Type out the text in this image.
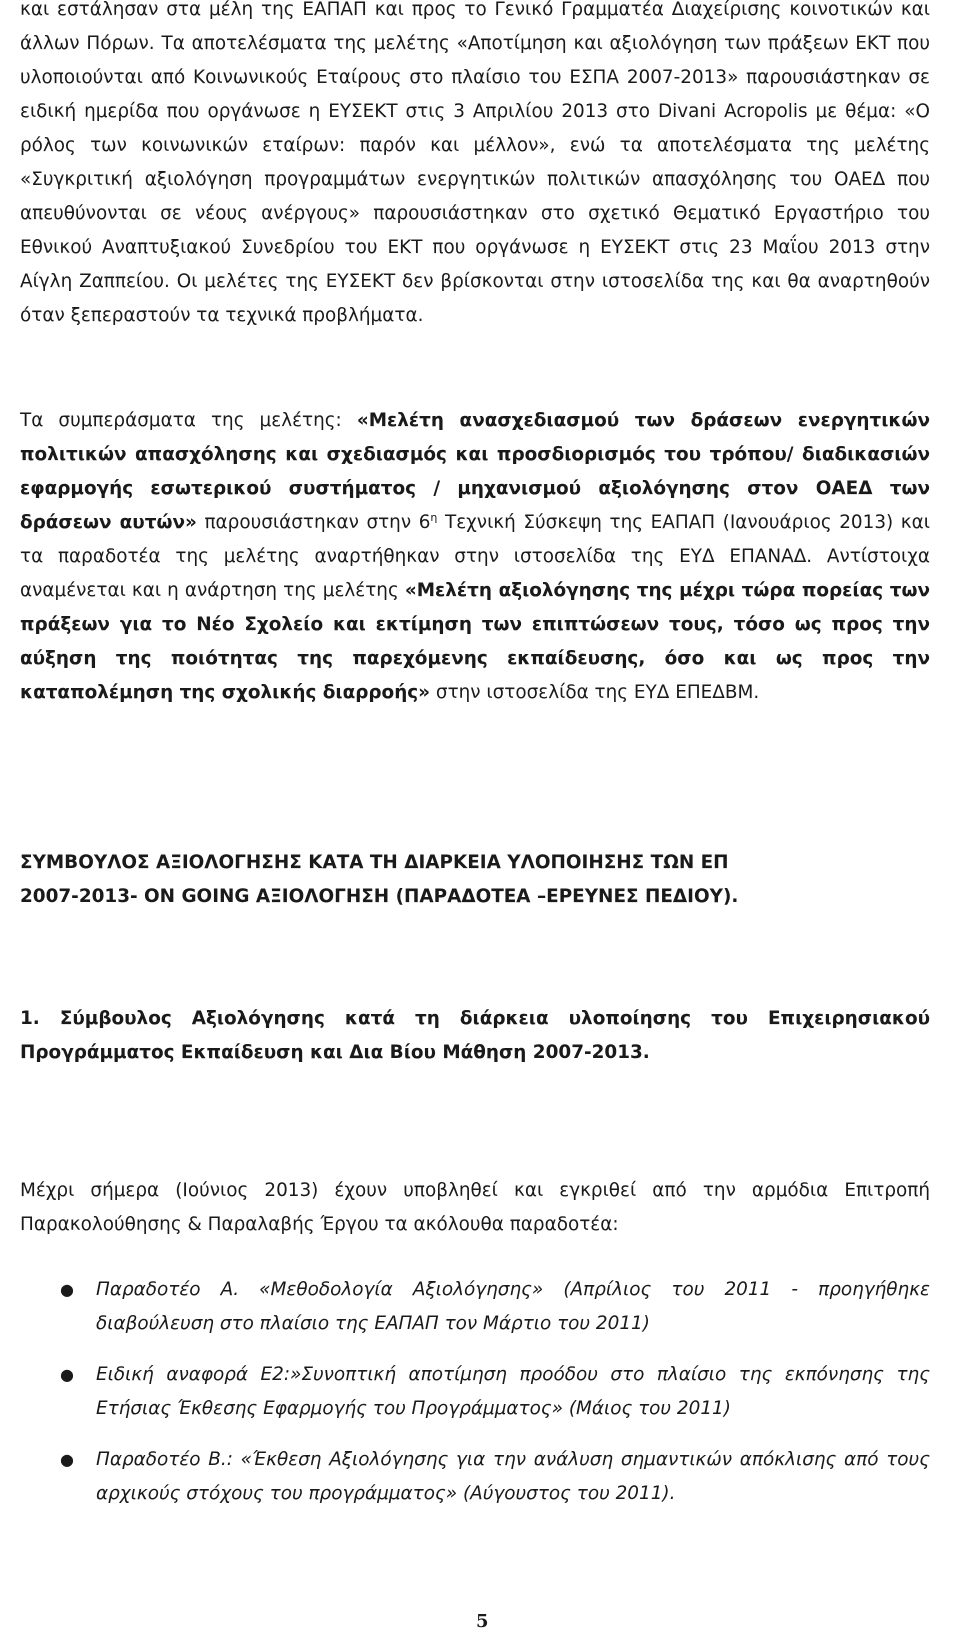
και εστάλησαν στα μέλη της ΕΑΠΑΠ και προς το Γενικό Γραμματέα Διαχείρισης κοινοτικών και άλλων Πόρων. Τα αποτελέσματα της μελέτης «Αποτίμηση και αξιολόγηση των πράξεων ΕΚΤ που υλοποιούνται από Κοινωνικούς Εταίρους στο πλαίσιο του ΕΣΠΑ 2007-2013» παρουσιάστηκαν σε ειδική ημερίδα που οργάνωσε η ΕΥΣΕΚΤ στις 3 Απριλίου 2013 στο Divani Acropolis με θέμα: «Ο ρόλος των κοινωνικών εταίρων: παρόν και μέλλον», ενώ τα αποτελέσματα της μελέτης «Συγκριτική αξιολόγηση προγραμμάτων ενεργητικών πολιτικών απασχόλησης του ΟΑΕΔ που απευθύνονται σε νέους ανέργους» παρουσιάστηκαν στο σχετικό Θεματικό Εργαστήριο του Εθνικού Αναπτυξιακού Συνεδρίου του ΕΚΤ που οργάνωσε η ΕΥΣΕΚΤ στις 23 Μαΐου 2013 στην Αίγλη Ζαππείου. Οι μελέτες της ΕΥΣΕΚΤ δεν βρίσκονται στην ιστοσελίδα της και θα αναρτηθούν όταν ξεπεραστούν τα τεχνικά προβλήματα.

Τα συμπεράσματα της μελέτης: «Μελέτη ανασχεδιασμού των δράσεων ενεργητικών πολιτικών απασχόλησης και σχεδιασμός και προσδιορισμός του τρόπου/ διαδικασιών εφαρμογής εσωτερικού συστήματος / μηχανισμού αξιολόγησης στον ΟΑΕΔ των δράσεων αυτών» παρουσιάστηκαν στην $6^\eta$ Τεχνική Σύσκεψη της ΕΑΠΑΠ (Ιανουάριος 2013) και τα παραδοτέα της μελέτης αναρτήθηκαν στην ιστοσελίδα της ΕΥΔ ΕΠΑΝΑΔ. Αντίστοιχα αναμένεται και η ανάρτηση της μελέτης «Μελέτη αξιολόγησης της μέχρι τώρα πορείας των πράξεων για το Νέο Σχολείο και εκτίμηση των επιπτώσεων τους, τόσο ως προς την αύξηση της ποιότητας της παρεχόμενης εκπαίδευσης, όσο και ως προς την καταπολέμηση της σχολικής διαρροής» στην ιστοσελίδα της ΕΥΔ ΕΠΕΔΒΜ.

ΣΥΜΒΟΥΛΟΣ ΑΞΙΟΛΟΓΗΣΗΣ ΚΑΤΑ ΤΗ ΔΙΑΡΚΕΙΑ ΥΛΟΠΟΙΗΣΗΣ ΤΩΝ ΕΠ
2007-2013- ON GOING ΑΞΙΟΛΟΓΗΣΗ (ΠΑΡΑΔΟΤΕΑ –ΕΡΕΥΝΕΣ ΠΕΔΙΟΥ).

1. Σύμβουλος Αξιολόγησης κατά τη διάρκεια υλοποίησης του Επιχειρησιακού Προγράμματος Εκπαίδευση και Δια Βίου Μάθηση 2007-2013.

Μέχρι σήμερα (Ιούνιος 2013) έχουν υποβληθεί και εγκριθεί από την αρμόδια Επιτροπή Παρακολούθησης & Παραλαβής Έργου τα ακόλουθα παραδοτέα:

● Παραδοτέο Α. «Μεθοδολογία Αξιολόγησης» (Απρίλιος του 2011 - προηγήθηκε διαβούλευση στο πλαίσιο της ΕΑΠΑΠ τον Μάρτιο του 2011)
● Ειδική αναφορά Ε2:»Συνοπτική αποτίμηση προόδου στο πλαίσιο της εκπόνησης της Ετήσιας Έκθεσης Εφαρμογής του Προγράμματος» (Μάιος του 2011)
● Παραδοτέο Β.: «Έκθεση Αξιολόγησης για την ανάλυση σημαντικών απόκλισης από τους αρχικούς στόχους του προγράμματος» (Αύγουστος του 2011).
5
